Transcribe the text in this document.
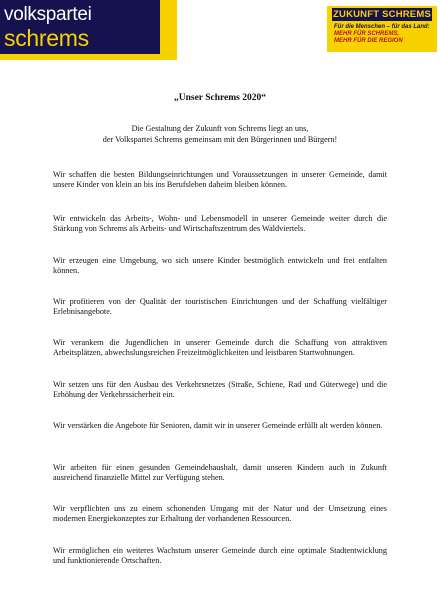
volkspartei
schrems
ZUKUNFT SCHREMS
Für die Menschen – für das Land:
MEHR FÜR SCHREMS,
MEHR FÜR DIE REGION
„Unser Schrems 2020“
Die Gestaltung der Zukunft von Schrems liegt an uns,
der Volkspartei Schrems gemeinsam mit den Bürgerinnen und Bürgern!
Wir schaffen die besten Bildungseinrichtungen und Voraussetzungen in unserer Gemeinde, damit unsere Kinder von klein an bis ins Berufsleben daheim bleiben können.
Wir entwickeln das Arbeits-, Wohn- und Lebensmodell in unserer Gemeinde weiter durch die Stärkung von Schrems als Arbeits- und Wirtschaftszentrum des Waldviertels.
Wir erzeugen eine Umgebung, wo sich unsere Kinder bestmöglich entwickeln und frei entfalten können.
Wir profitieren von der Qualität der touristischen Einrichtungen und der Schaffung vielfältiger Erlebnisangebote.
Wir verankern die Jugendlichen in unserer Gemeinde durch die Schaffung von attraktiven Arbeitsplätzen, abwechslungsreichen Freizeitmöglichkeiten und leistbaren Startwohnungen.
Wir setzen uns für den Ausbau des Verkehrsnetzes (Straße, Schiene, Rad und Güterwege) und die Erhöhung der Verkehrssicherheit ein.
Wir verstärken die Angebote für Senioren, damit wir in unserer Gemeinde erfüllt alt werden können.
Wir arbeiten für einen gesunden Gemeindehaushalt, damit unseren Kindern auch in Zukunft ausreichend finanzielle Mittel zur Verfügung stehen.
Wir verpflichten uns zu einem schonenden Umgang mit der Natur und der Umsetzung eines modernen Energiekonzeptes zur Erhaltung der vorhandenen Ressourcen.
Wir ermöglichen ein weiteres Wachstum unserer Gemeinde durch eine optimale Stadtentwicklung und funktionierende Ortschaften.
